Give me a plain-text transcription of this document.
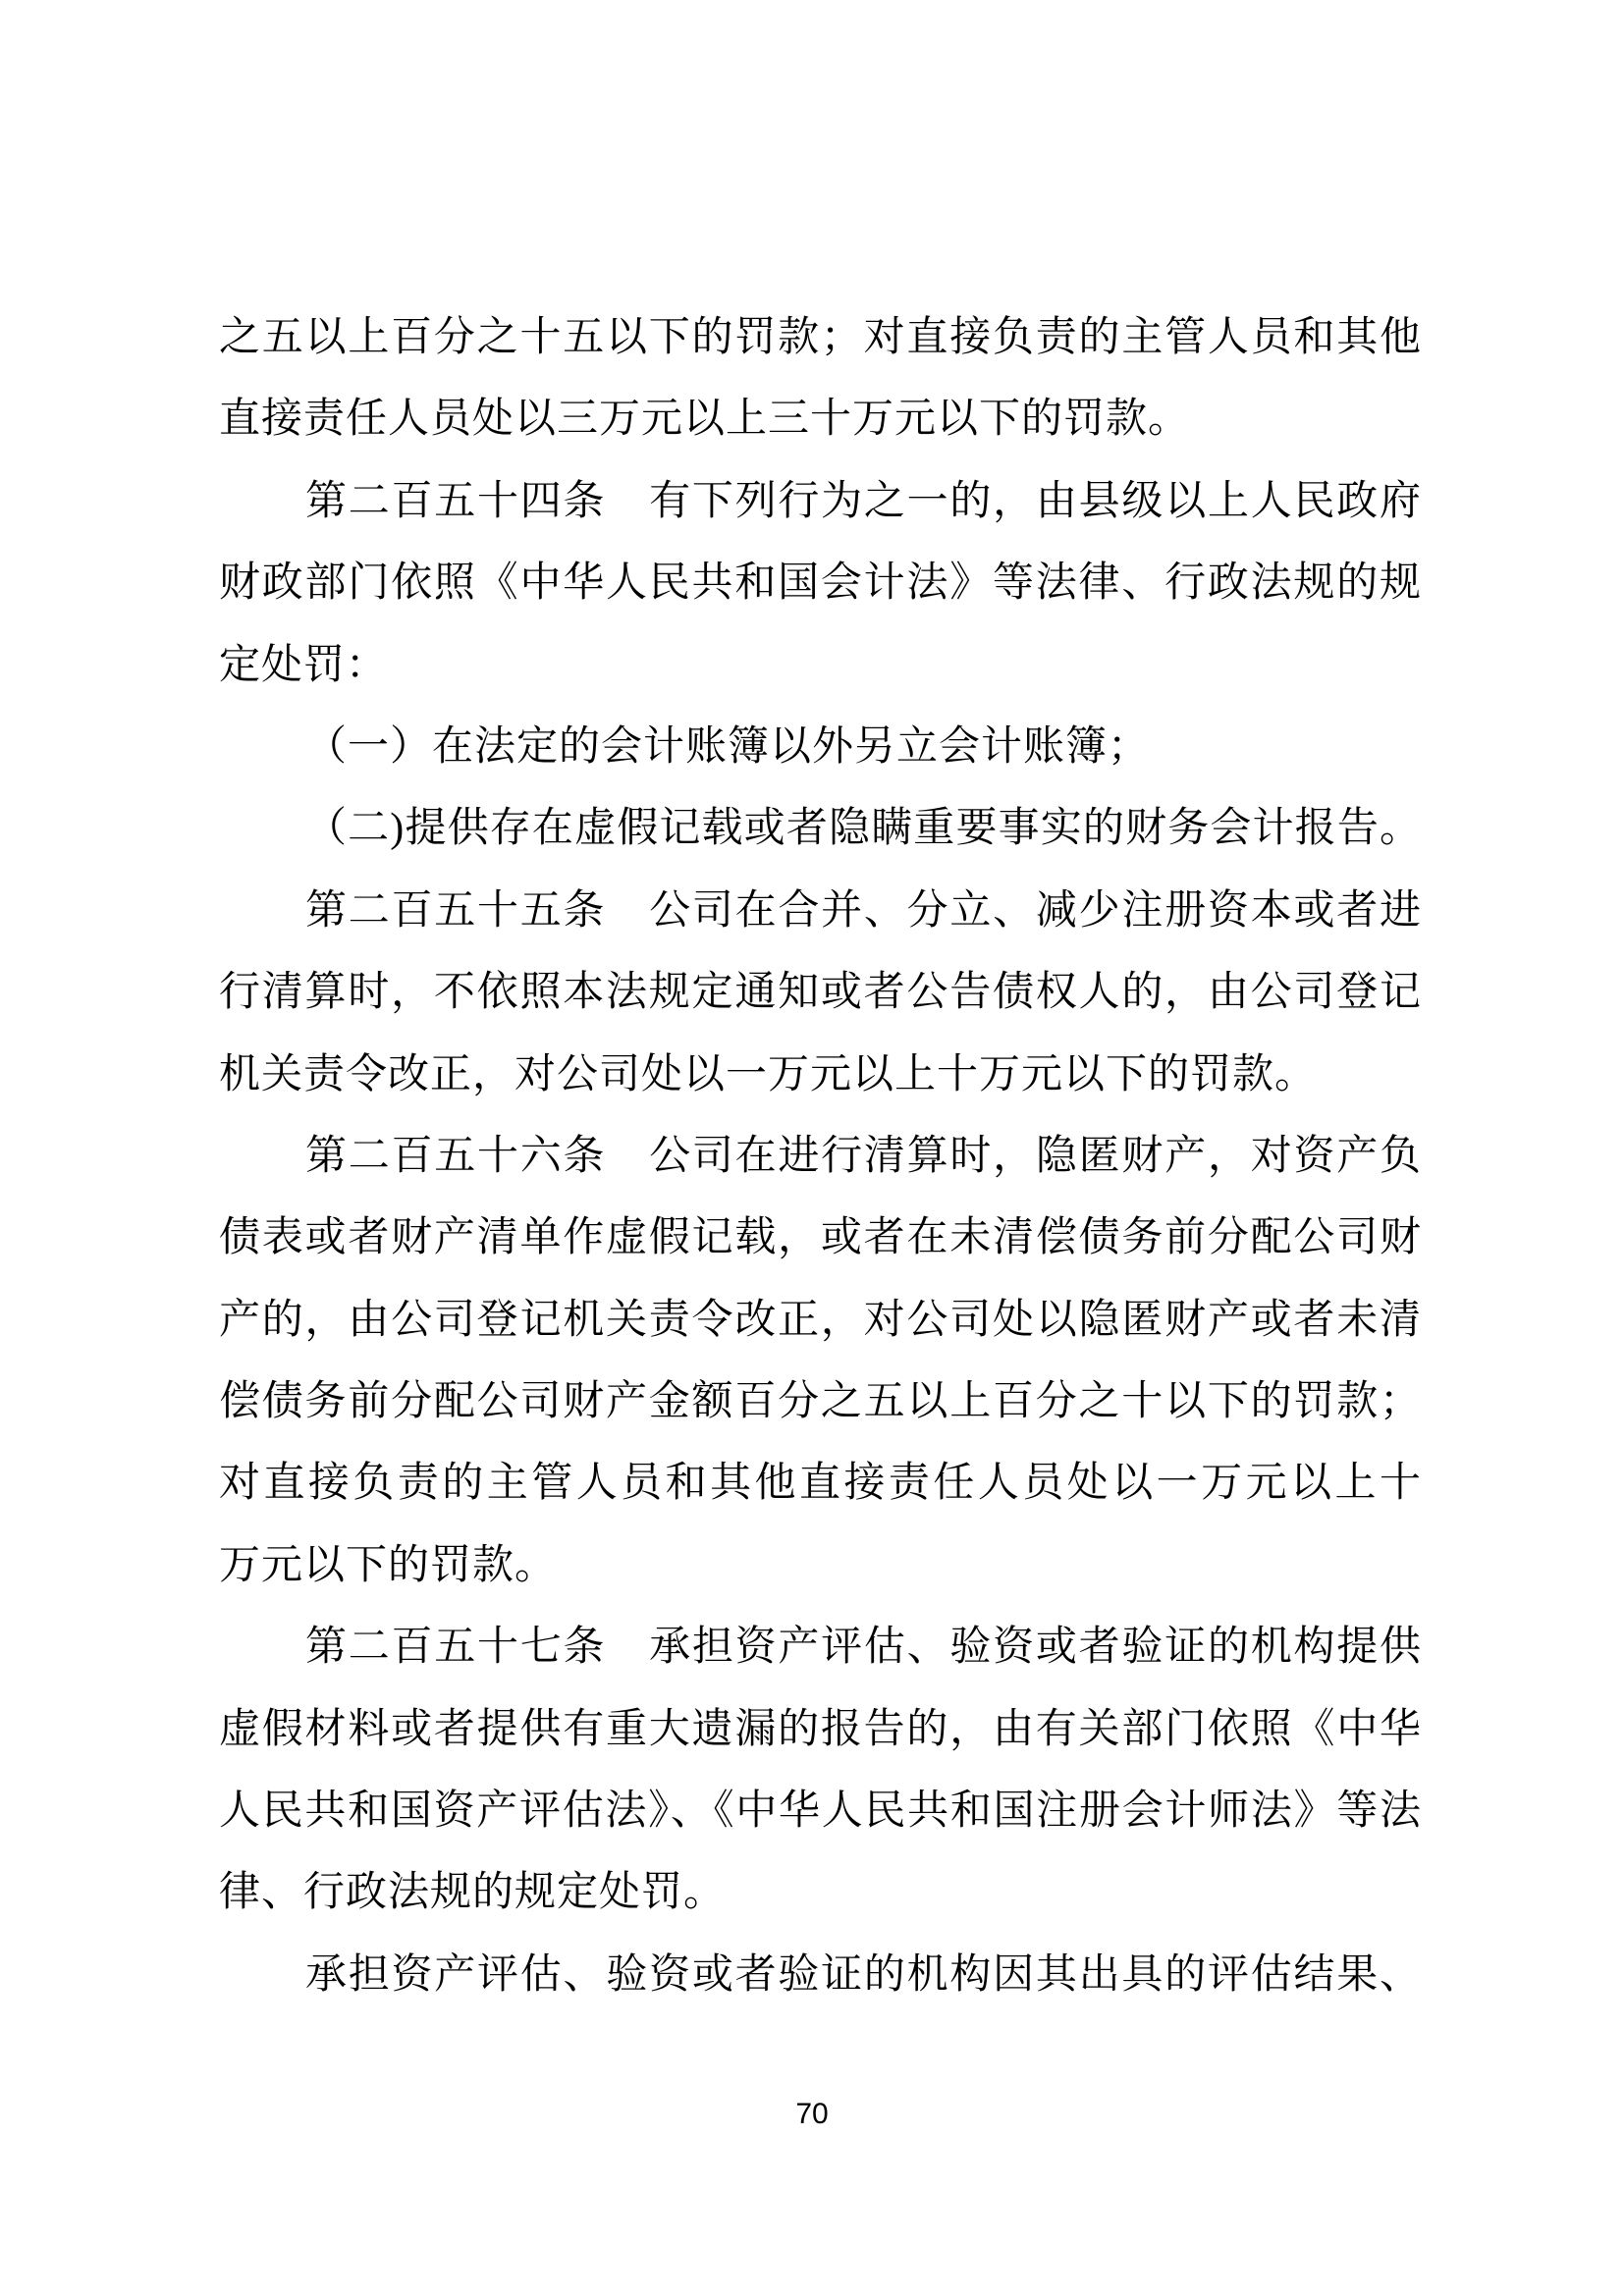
之五以上百分之十五以下的罚款；对直接负责的主管人员和其他

直接责任人员处以三万元以上三十万元以下的罚款。

第二百五十四条　有下列行为之一的，由县级以上人民政府

财政部门依照《中华人民共和国会计法》等法律、行政法规的规

定处罚：

（一）在法定的会计账簿以外另立会计账簿；

（二)提供存在虚假记载或者隐瞒重要事实的财务会计报告。

第二百五十五条　公司在合并、分立、减少注册资本或者进

行清算时，不依照本法规定通知或者公告债权人的，由公司登记

机关责令改正，对公司处以一万元以上十万元以下的罚款。

第二百五十六条　公司在进行清算时，隐匿财产，对资产负

债表或者财产清单作虚假记载，或者在未清偿债务前分配公司财

产的，由公司登记机关责令改正，对公司处以隐匿财产或者未清

偿债务前分配公司财产金额百分之五以上百分之十以下的罚款；

对直接负责的主管人员和其他直接责任人员处以一万元以上十

万元以下的罚款。

第二百五十七条　承担资产评估、验资或者验证的机构提供

虚假材料或者提供有重大遗漏的报告的，由有关部门依照《中华

人民共和国资产评估法》、《中华人民共和国注册会计师法》等法

律、行政法规的规定处罚。

承担资产评估、验资或者验证的机构因其出具的评估结果、

70
